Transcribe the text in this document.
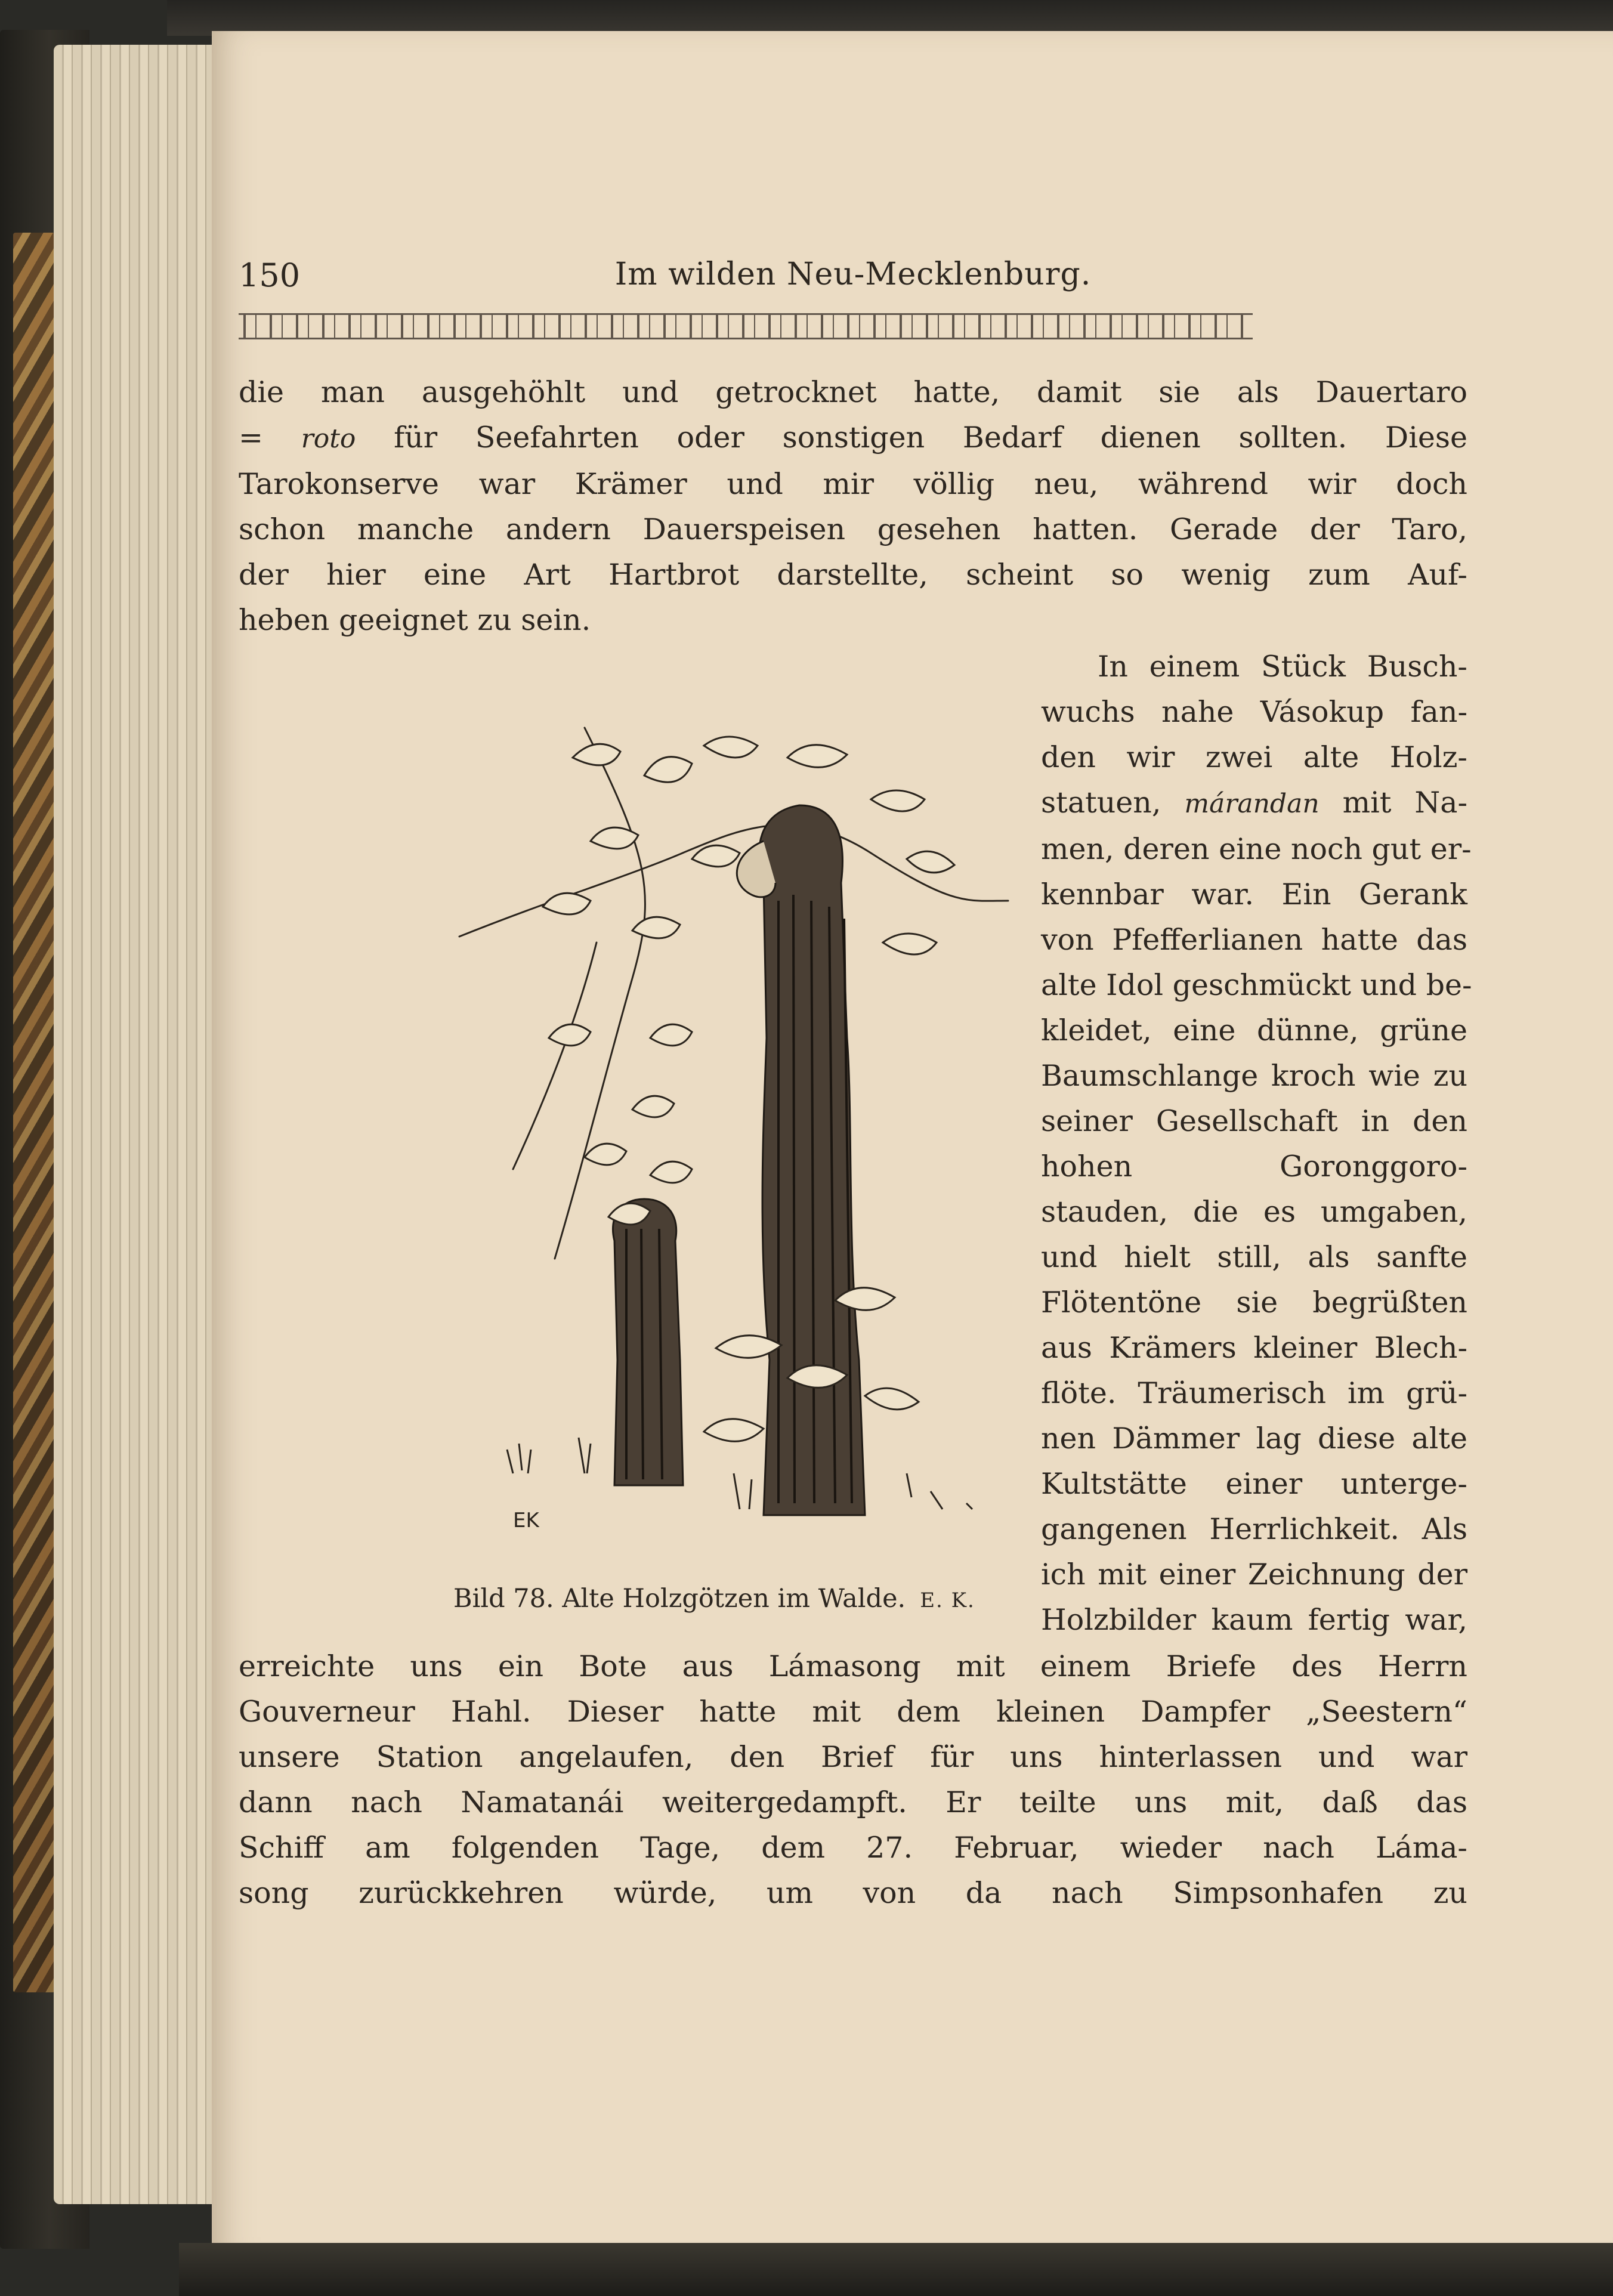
150	Im wilden Neu-Mecklenburg.
die man ausgehöhlt und getrocknet hatte, damit sie als Dauertaro
= roto für Seefahrten oder sonstigen Bedarf dienen sollten. Diese
Tarokonserve war Krämer und mir völlig neu, während wir doch
schon manche andern Dauerspeisen gesehen hatten. Gerade der Taro,
der hier eine Art Hartbrot darstellte, scheint so wenig zum Auf-
heben geeignet zu sein.
EK
Bild 78. Alte Holzgötzen im Walde. E. K.
In einem Stück Busch-
wuchs nahe Vásokup fan-
den wir zwei alte Holz-
statuen, márandan mit Na-
men, deren eine noch gut er-
kennbar war. Ein Gerank
von Pfefferlianen hatte das
alte Idol geschmückt und be-
kleidet, eine dünne, grüne
Baumschlange kroch wie zu
seiner Gesellschaft in den
hohen Goronggoro-
stauden, die es umgaben,
und hielt still, als sanfte
Flötentöne sie begrüßten
aus Krämers kleiner Blech-
flöte. Träumerisch im grü-
nen Dämmer lag diese alte
Kultstätte einer unterge-
gangenen Herrlichkeit. Als
ich mit einer Zeichnung der
Holzbilder kaum fertig war,
erreichte uns ein Bote aus Lámasong mit einem Briefe des Herrn
Gouverneur Hahl. Dieser hatte mit dem kleinen Dampfer „Seestern“
unsere Station angelaufen, den Brief für uns hinterlassen und war
dann nach Namatanái weitergedampft. Er teilte uns mit, daß das
Schiff am folgenden Tage, dem 27. Februar, wieder nach Láma-
song zurückkehren würde, um von da nach Simpsonhafen zu
